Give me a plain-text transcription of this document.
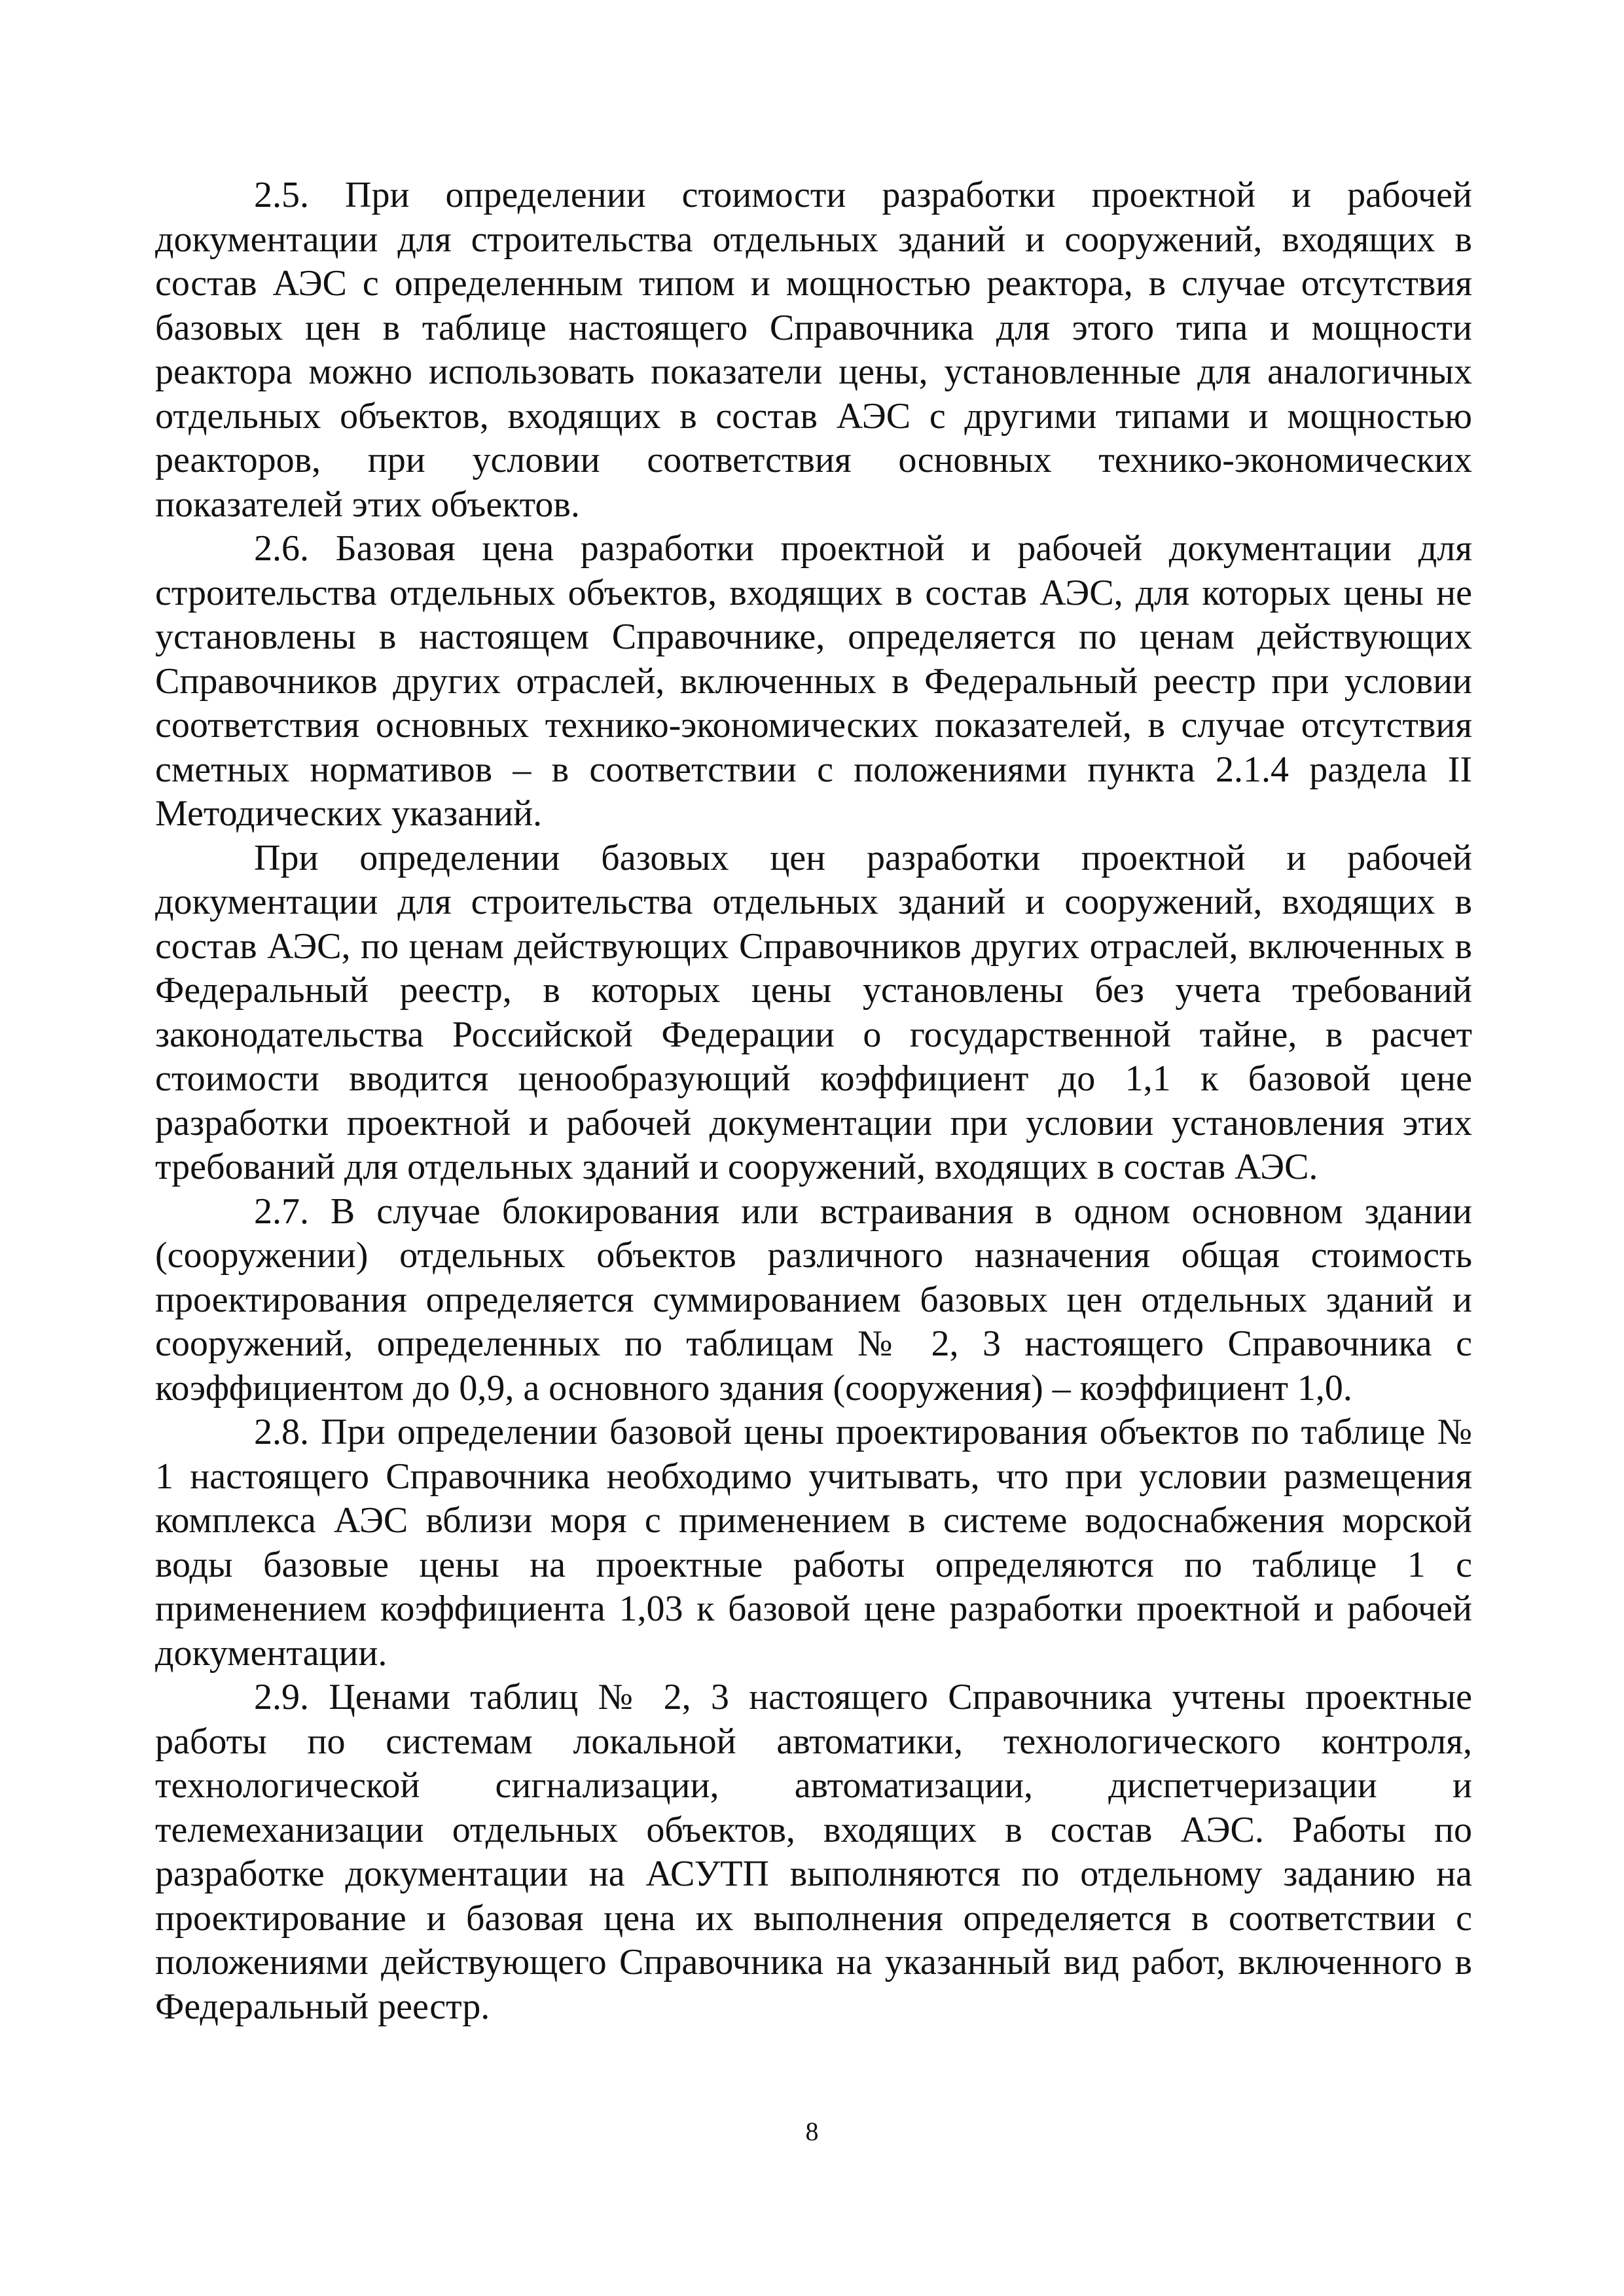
2.5. При определении стоимости разработки проектной и рабочей документации для строительства отдельных зданий и сооружений, входящих в состав АЭС с определенным типом и мощностью реактора, в случае отсутствия базовых цен в таблице настоящего Справочника для этого типа и мощности реактора можно использовать показатели цены, установленные для аналогичных отдельных объектов, входящих в состав АЭС с другими типами и мощностью реакторов, при условии соответствия основных технико-экономических показателей этих объектов.

2.6. Базовая цена разработки проектной и рабочей документации для строительства отдельных объектов, входящих в состав АЭС, для которых цены не установлены в настоящем Справочнике, определяется по ценам действующих Справочников других отраслей, включенных в Федеральный реестр при условии соответствия основных технико-экономических показателей, в случае отсутствия сметных нормативов – в соответствии с положениями пункта 2.1.4 раздела II Методических указаний.

При определении базовых цен разработки проектной и рабочей документации для строительства отдельных зданий и сооружений, входящих в состав АЭС, по ценам действующих Справочников других отраслей, включенных в Федеральный реестр, в которых цены установлены без учета требований законодательства Российской Федерации о государственной тайне, в расчет стоимости вводится ценообразующий коэффициент до 1,1 к базовой цене разработки проектной и рабочей документации при условии установления этих требований для отдельных зданий и сооружений, входящих в состав АЭС.

2.7. В случае блокирования или встраивания в одном основном здании (сооружении) отдельных объектов различного назначения общая стоимость проектирования определяется суммированием базовых цен отдельных зданий и сооружений, определенных по таблицам № 2, 3 настоящего Справочника с коэффициентом до 0,9, а основного здания (сооружения) – коэффициент 1,0.

2.8. При определении базовой цены проектирования объектов по таблице № 1 настоящего Справочника необходимо учитывать, что при условии размещения комплекса АЭС вблизи моря с применением в системе водоснабжения морской воды базовые цены на проектные работы определяются по таблице 1 с применением коэффициента 1,03 к базовой цене разработки проектной и рабочей документации.

2.9. Ценами таблиц № 2, 3 настоящего Справочника учтены проектные работы по системам локальной автоматики, технологического контроля, технологической сигнализации, автоматизации, диспетчеризации и телемеханизации отдельных объектов, входящих в состав АЭС. Работы по разработке документации на АСУТП выполняются по отдельному заданию на проектирование и базовая цена их выполнения определяется в соответствии с положениями действующего Справочника на указанный вид работ, включенного в Федеральный реестр.

8
